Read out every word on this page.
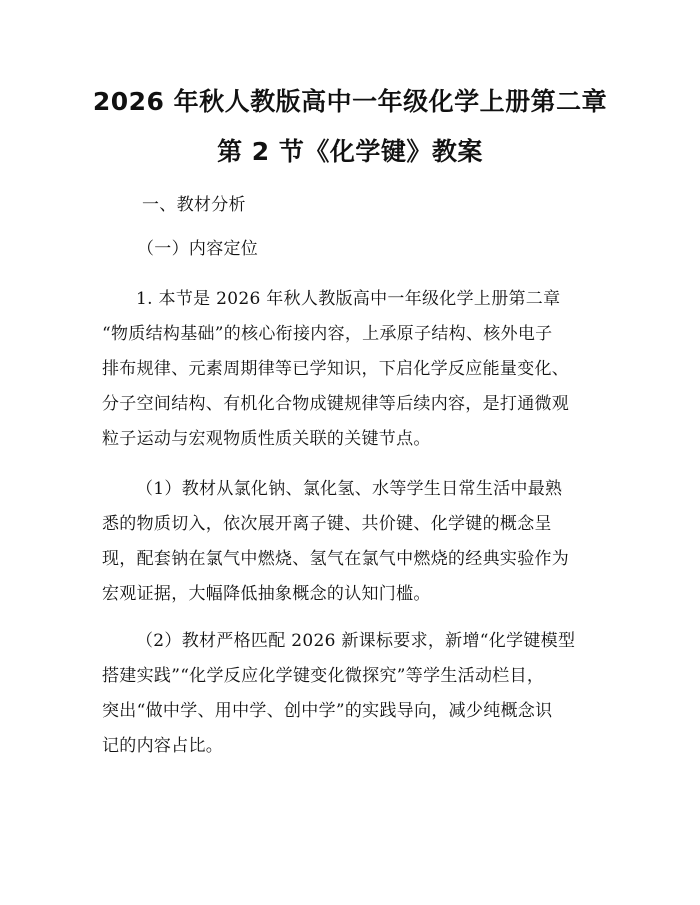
2026 年秋人教版高中一年级化学上册第二章
第 2 节《化学键》教案
一、教材分析
（一）内容定位
1. 本节是 2026 年秋人教版高中一年级化学上册第二章
“物质结构基础”的核心衔接内容，上承原子结构、核外电子
排布规律、元素周期律等已学知识，下启化学反应能量变化、
分子空间结构、有机化合物成键规律等后续内容，是打通微观
粒子运动与宏观物质性质关联的关键节点。
（1）教材从氯化钠、氯化氢、水等学生日常生活中最熟
悉的物质切入，依次展开离子键、共价键、化学键的概念呈
现，配套钠在氯气中燃烧、氢气在氯气中燃烧的经典实验作为
宏观证据，大幅降低抽象概念的认知门槛。
（2）教材严格匹配 2026 新课标要求，新增“化学键模型
搭建实践”“化学反应化学键变化微探究”等学生活动栏目，
突出“做中学、用中学、创中学”的实践导向，减少纯概念识
记的内容占比。
